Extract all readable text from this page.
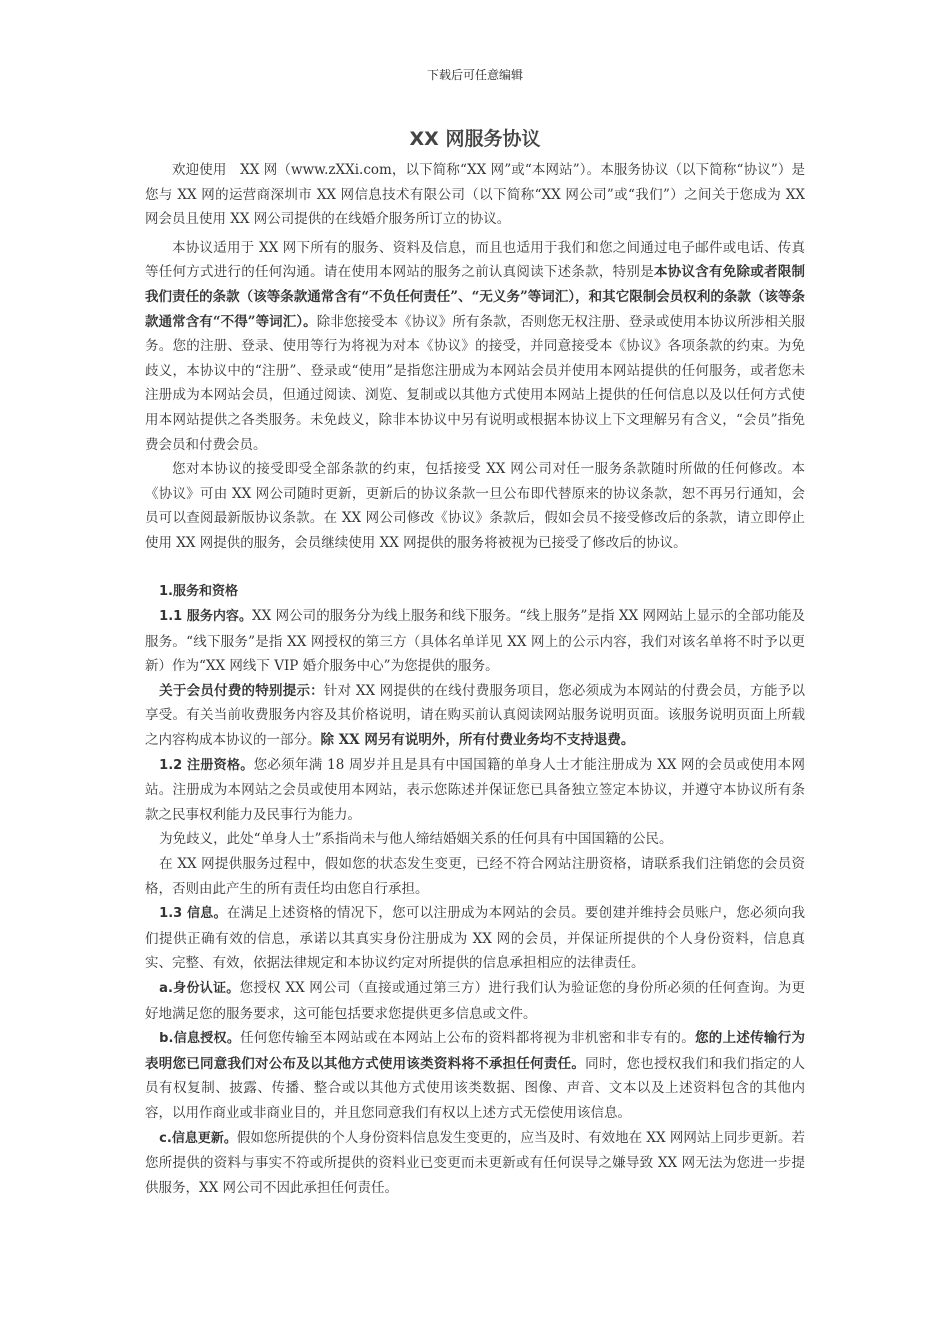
下载后可任意编辑
XX 网服务协议

欢迎使用　XX 网（www.zXXi.com，以下简称“XX 网”或“本网站”）。本服务协议（以下简称“协议”）是您与 XX 网的运营商深圳市 XX 网信息技术有限公司（以下简称“XX 网公司”或“我们”）之间关于您成为 XX 网会员且使用 XX 网公司提供的在线婚介服务所订立的协议。

本协议适用于 XX 网下所有的服务、资料及信息，而且也适用于我们和您之间通过电子邮件或电话、传真等任何方式进行的任何沟通。请在使用本网站的服务之前认真阅读下述条款，特别是本协议含有免除或者限制我们责任的条款（该等条款通常含有“不负任何责任”、“无义务”等词汇），和其它限制会员权利的条款（该等条款通常含有“不得”等词汇）。除非您接受本《协议》所有条款，否则您无权注册、登录或使用本协议所涉相关服务。您的注册、登录、使用等行为将视为对本《协议》的接受，并同意接受本《协议》各项条款的约束。为免歧义，本协议中的“注册”、登录或“使用”是指您注册成为本网站会员并使用本网站提供的任何服务，或者您未注册成为本网站会员，但通过阅读、浏览、复制或以其他方式使用本网站上提供的任何信息以及以任何方式使用本网站提供之各类服务。未免歧义，除非本协议中另有说明或根据本协议上下文理解另有含义，“会员”指免费会员和付费会员。

您对本协议的接受即受全部条款的约束，包括接受 XX 网公司对任一服务条款随时所做的任何修改。本《协议》可由 XX 网公司随时更新，更新后的协议条款一旦公布即代替原来的协议条款，恕不再另行通知，会员可以查阅最新版协议条款。在 XX 网公司修改《协议》条款后，假如会员不接受修改后的条款，请立即停止使用 XX 网提供的服务，会员继续使用 XX 网提供的服务将被视为已接受了修改后的协议。

1.服务和资格

1.1 服务内容。XX 网公司的服务分为线上服务和线下服务。“线上服务”是指 XX 网网站上显示的全部功能及服务。“线下服务”是指 XX 网授权的第三方（具体名单详见 XX 网上的公示内容，我们对该名单将不时予以更新）作为“XX 网线下 VIP 婚介服务中心”为您提供的服务。

关于会员付费的特别提示：针对 XX 网提供的在线付费服务项目，您必须成为本网站的付费会员，方能予以享受。有关当前收费服务内容及其价格说明，请在购买前认真阅读网站服务说明页面。该服务说明页面上所载之内容构成本协议的一部分。除 XX 网另有说明外，所有付费业务均不支持退费。

1.2 注册资格。您必须年满 18 周岁并且是具有中国国籍的单身人士才能注册成为 XX 网的会员或使用本网站。注册成为本网站之会员或使用本网站，表示您陈述并保证您已具备独立签定本协议，并遵守本协议所有条款之民事权利能力及民事行为能力。

为免歧义，此处“单身人士”系指尚未与他人缔结婚姻关系的任何具有中国国籍的公民。

在 XX 网提供服务过程中，假如您的状态发生变更，已经不符合网站注册资格，请联系我们注销您的会员资格，否则由此产生的所有责任均由您自行承担。

1.3 信息。在满足上述资格的情况下，您可以注册成为本网站的会员。要创建并维持会员账户，您必须向我们提供正确有效的信息，承诺以其真实身份注册成为 XX 网的会员，并保证所提供的个人身份资料，信息真实、完整、有效，依据法律规定和本协议约定对所提供的信息承担相应的法律责任。

a.身份认证。您授权 XX 网公司（直接或通过第三方）进行我们认为验证您的身份所必须的任何查询。为更好地满足您的服务要求，这可能包括要求您提供更多信息或文件。

b.信息授权。任何您传输至本网站或在本网站上公布的资料都将视为非机密和非专有的。您的上述传输行为表明您已同意我们对公布及以其他方式使用该类资料将不承担任何责任。同时，您也授权我们和我们指定的人员有权复制、披露、传播、整合或以其他方式使用该类数据、图像、声音、文本以及上述资料包含的其他内容，以用作商业或非商业目的，并且您同意我们有权以上述方式无偿使用该信息。

c.信息更新。假如您所提供的个人身份资料信息发生变更的，应当及时、有效地在 XX 网网站上同步更新。若您所提供的资料与事实不符或所提供的资料业已变更而未更新或有任何误导之嫌导致 XX 网无法为您进一步提供服务，XX 网公司不因此承担任何责任。
